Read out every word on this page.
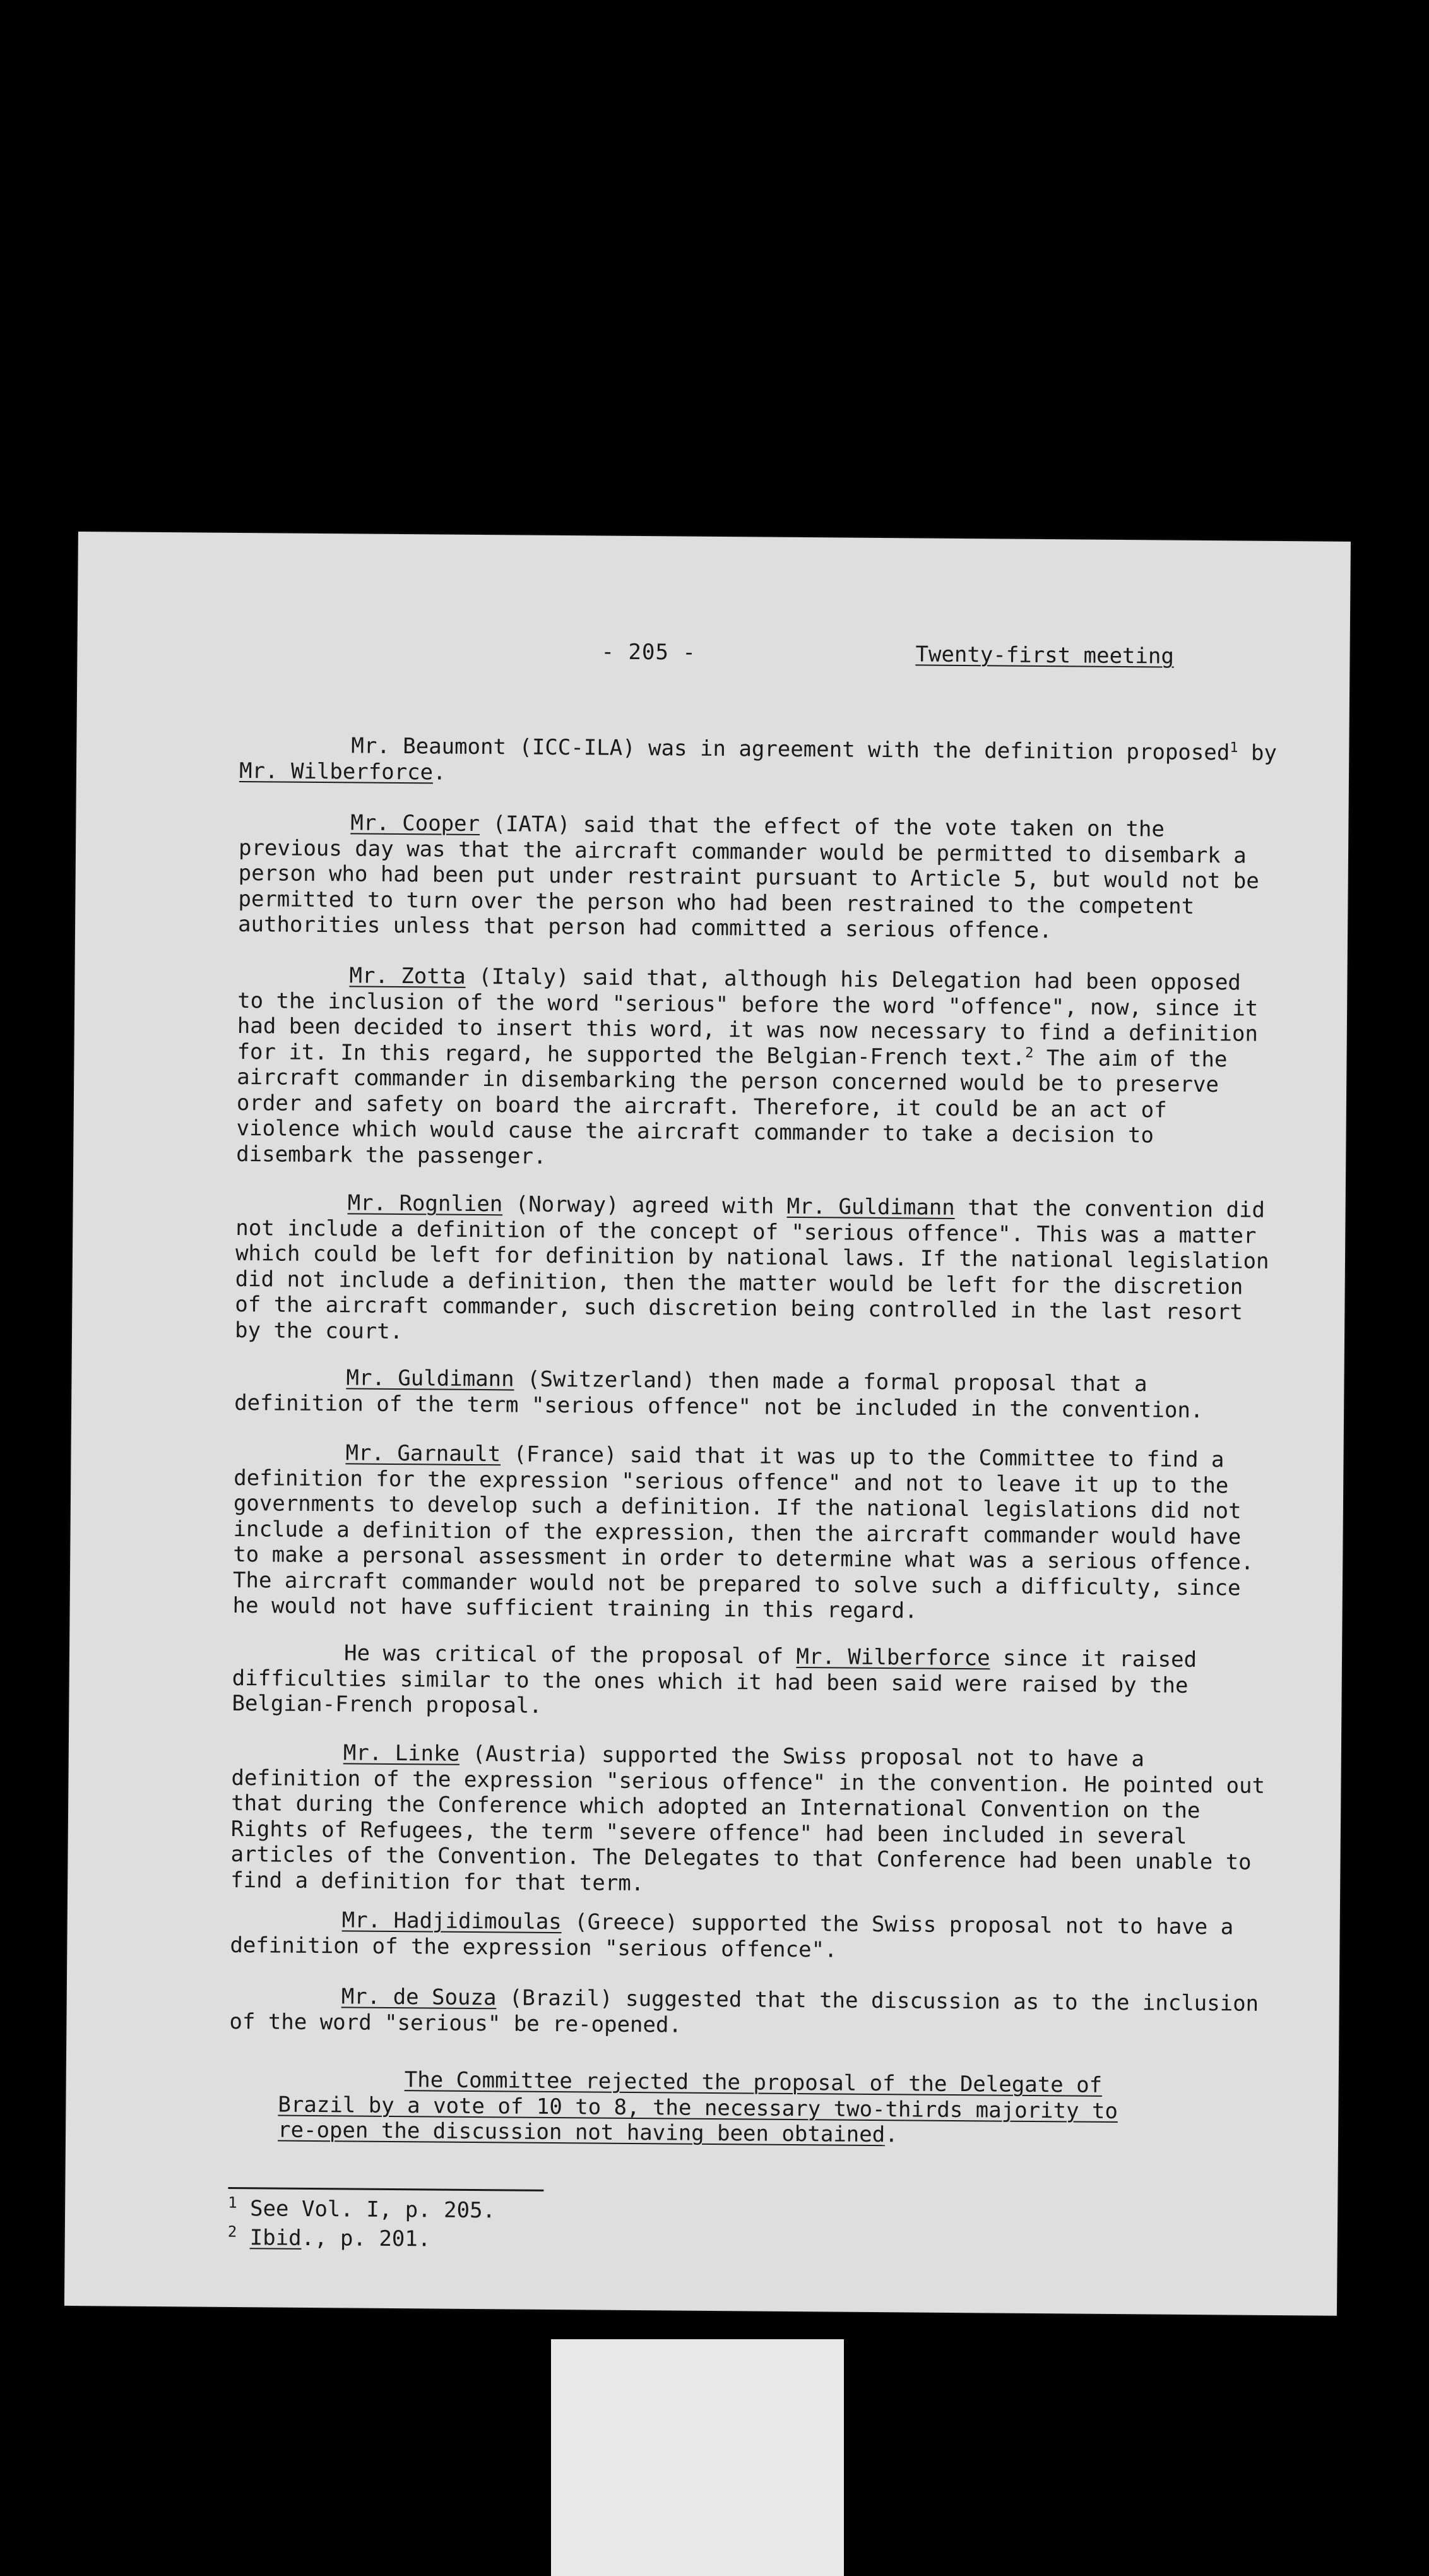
- 205 -	Twenty-first meeting

Mr. Beaumont (ICC-ILA) was in agreement with the definition proposed$^1$ by Mr. Wilberforce.

Mr. Cooper (IATA) said that the effect of the vote taken on the previous day was that the aircraft commander would be permitted to disembark a person who had been put under restraint pursuant to Article 5, but would not be permitted to turn over the person who had been restrained to the competent authorities unless that person had committed a serious offence.

Mr. Zotta (Italy) said that, although his Delegation had been opposed to the inclusion of the word "serious" before the word "offence", now, since it had been decided to insert this word, it was now necessary to find a definition for it. In this regard, he supported the Belgian-French text.$^2$ The aim of the aircraft commander in disembarking the person concerned would be to preserve order and safety on board the aircraft. Therefore, it could be an act of violence which would cause the aircraft commander to take a decision to disembark the passenger.

Mr. Rognlien (Norway) agreed with Mr. Guldimann that the convention did not include a definition of the concept of "serious offence". This was a matter which could be left for definition by national laws. If the national legislation did not include a definition, then the matter would be left for the discretion of the aircraft commander, such discretion being controlled in the last resort by the court.

Mr. Guldimann (Switzerland) then made a formal proposal that a definition of the term "serious offence" not be included in the convention.

Mr. Garnault (France) said that it was up to the Committee to find a definition for the expression "serious offence" and not to leave it up to the governments to develop such a definition. If the national legislations did not include a definition of the expression, then the aircraft commander would have to make a personal assessment in order to determine what was a serious offence. The aircraft commander would not be prepared to solve such a difficulty, since he would not have sufficient training in this regard.

He was critical of the proposal of Mr. Wilberforce since it raised difficulties similar to the ones which it had been said were raised by the Belgian-French proposal.

Mr. Linke (Austria) supported the Swiss proposal not to have a definition of the expression "serious offence" in the convention. He pointed out that during the Conference which adopted an International Convention on the Rights of Refugees, the term "severe offence" had been included in several articles of the Convention. The Delegates to that Conference had been unable to find a definition for that term.

Mr. Hadjidimoulas (Greece) supported the Swiss proposal not to have a definition of the expression "serious offence".

Mr. de Souza (Brazil) suggested that the discussion as to the inclusion of the word "serious" be re-opened.

The Committee rejected the proposal of the Delegate of Brazil by a vote of 10 to 8, the necessary two-thirds majority to re-open the discussion not having been obtained.

$^1$ See Vol. I, p. 205.
$^2$ Ibid., p. 201.
